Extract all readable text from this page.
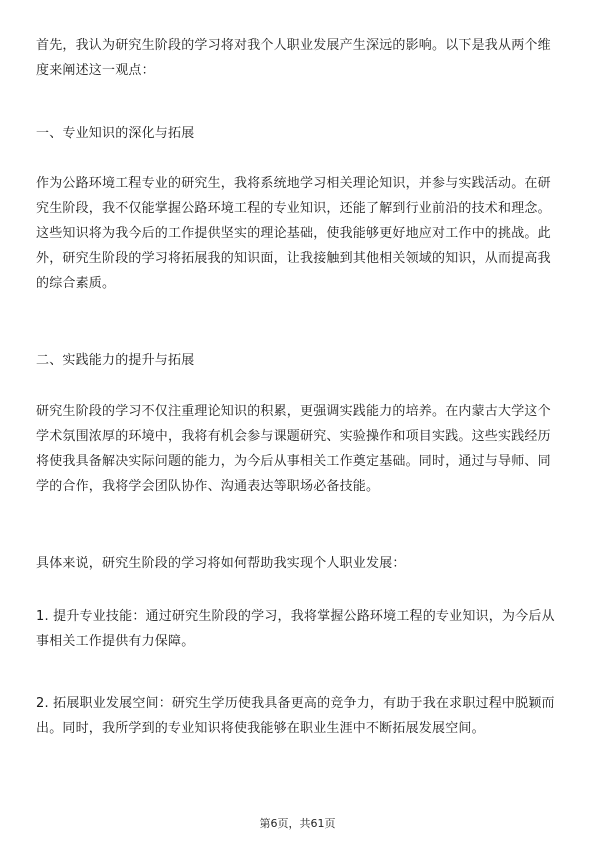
首先，我认为研究生阶段的学习将对我个人职业发展产生深远的影响。以下是我从两个维度来阐述这一观点：

一、专业知识的深化与拓展

作为公路环境工程专业的研究生，我将系统地学习相关理论知识，并参与实践活动。在研究生阶段，我不仅能掌握公路环境工程的专业知识，还能了解到行业前沿的技术和理念。这些知识将为我今后的工作提供坚实的理论基础，使我能够更好地应对工作中的挑战。此外，研究生阶段的学习将拓展我的知识面，让我接触到其他相关领域的知识，从而提高我的综合素质。

二、实践能力的提升与拓展

研究生阶段的学习不仅注重理论知识的积累，更强调实践能力的培养。在内蒙古大学这个学术氛围浓厚的环境中，我将有机会参与课题研究、实验操作和项目实践。这些实践经历将使我具备解决实际问题的能力，为今后从事相关工作奠定基础。同时，通过与导师、同学的合作，我将学会团队协作、沟通表达等职场必备技能。

具体来说，研究生阶段的学习将如何帮助我实现个人职业发展：

1. 提升专业技能：通过研究生阶段的学习，我将掌握公路环境工程的专业知识，为今后从事相关工作提供有力保障。

2. 拓展职业发展空间：研究生学历使我具备更高的竞争力，有助于我在求职过程中脱颖而出。同时，我所学到的专业知识将使我能够在职业生涯中不断拓展发展空间。

第6页，共61页
